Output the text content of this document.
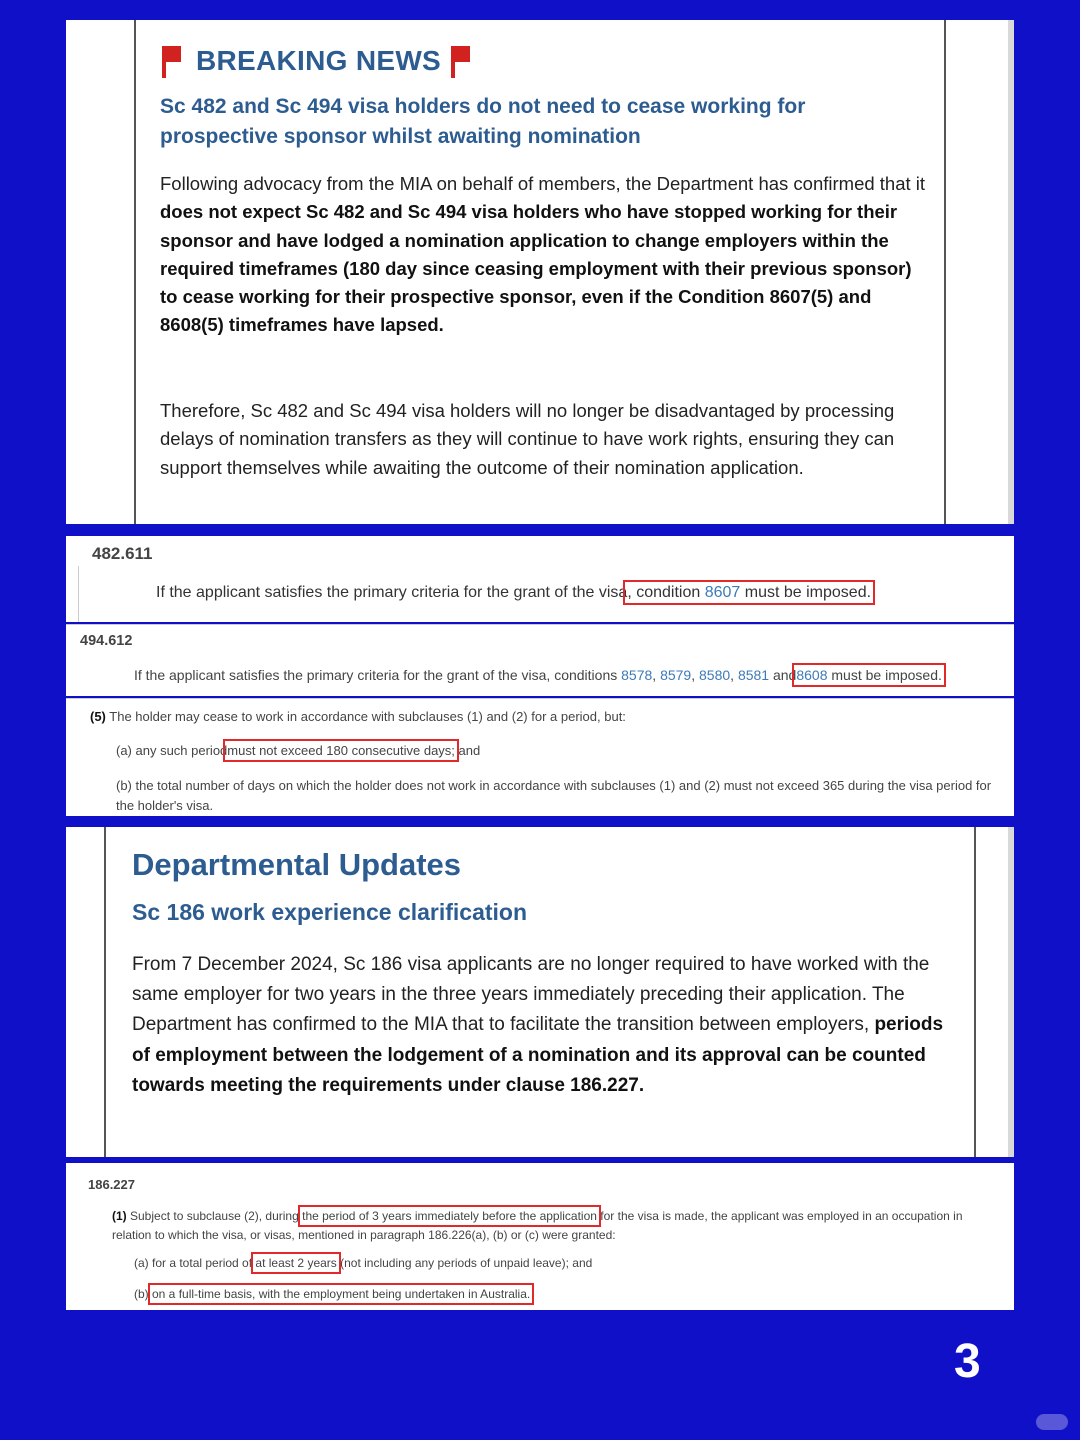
BREAKING NEWS
Sc 482 and Sc 494 visa holders do not need to cease working for prospective sponsor whilst awaiting nomination
Following advocacy from the MIA on behalf of members, the Department has confirmed that it does not expect Sc 482 and Sc 494 visa holders who have stopped working for their sponsor and have lodged a nomination application to change employers within the required timeframes (180 day since ceasing employment with their previous sponsor) to cease working for their prospective sponsor, even if the Condition 8607(5) and 8608(5) timeframes have lapsed.
Therefore, Sc 482 and Sc 494 visa holders will no longer be disadvantaged by processing delays of nomination transfers as they will continue to have work rights, ensuring they can support themselves while awaiting the outcome of their nomination application.
482.611
If the applicant satisfies the primary criteria for the grant of the visa, condition 8607 must be imposed.
494.612
If the applicant satisfies the primary criteria for the grant of the visa, conditions 8578, 8579, 8580, 8581 and8608 must be imposed.
(5) The holder may cease to work in accordance with subclauses (1) and (2) for a period, but:
(a) any such periodmust not exceed 180 consecutive days; and
(b) the total number of days on which the holder does not work in accordance with subclauses (1) and (2) must not exceed 365 during the visa period for the holder's visa.
Departmental Updates
Sc 186 work experience clarification
From 7 December 2024, Sc 186 visa applicants are no longer required to have worked with the same employer for two years in the three years immediately preceding their application. The Department has confirmed to the MIA that to facilitate the transition between employers, periods of employment between the lodgement of a nomination and its approval can be counted towards meeting the requirements under clause 186.227.
186.227
(1) Subject to subclause (2), during the period of 3 years immediately before the application for the visa is made, the applicant was employed in an occupation in relation to which the visa, or visas, mentioned in paragraph 186.226(a), (b) or (c) were granted:
(a) for a total period of at least 2 years (not including any periods of unpaid leave); and
(b) on a full-time basis, with the employment being undertaken in Australia.
3
